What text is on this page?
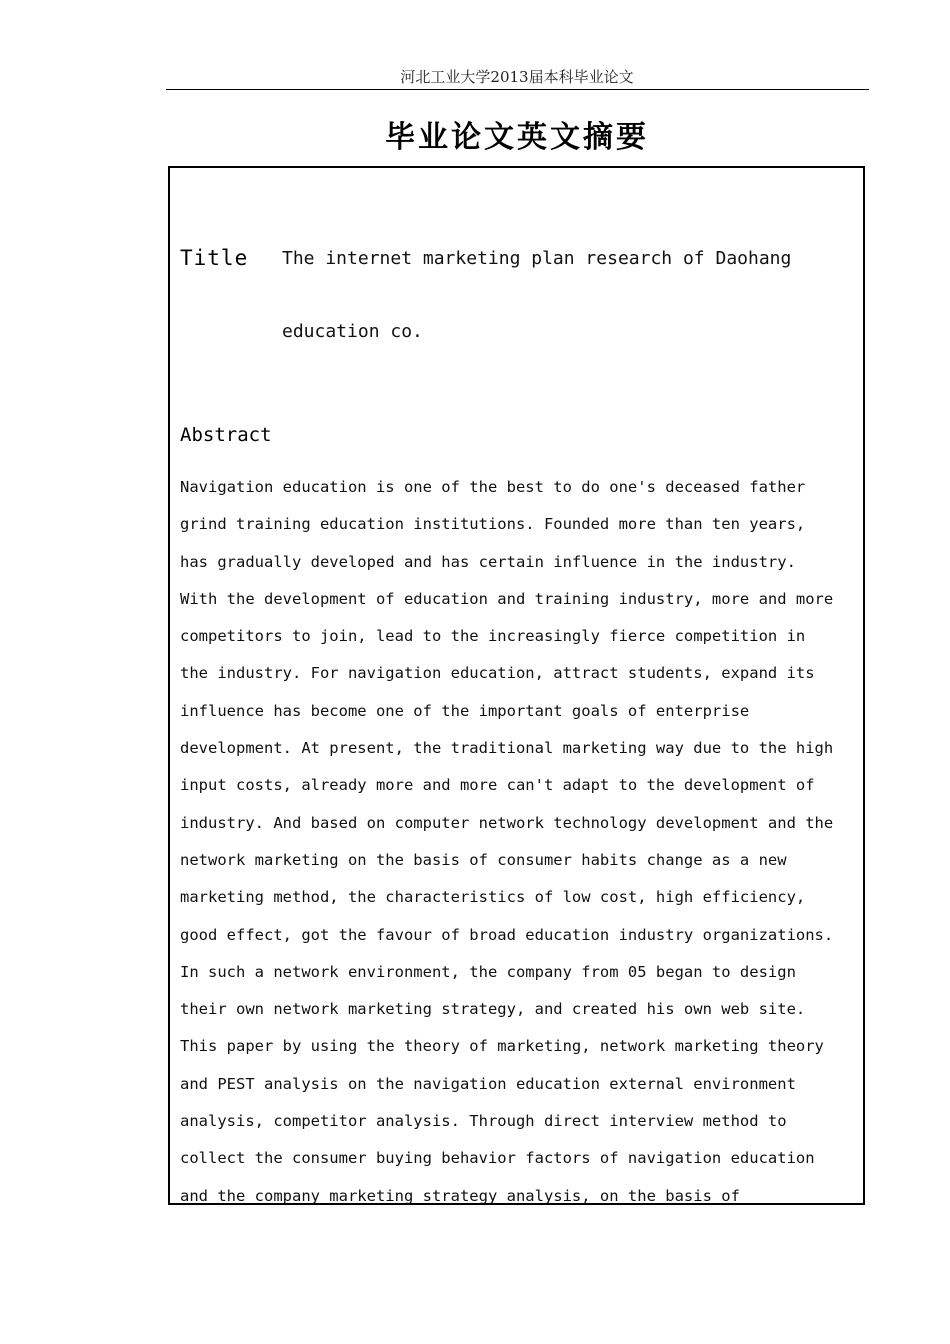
河北工业大学2013届本科毕业论文
毕业论文英文摘要
Title The internet marketing plan research of Daohang
education co.
Abstract
Navigation education is one of the best to do one's deceased father
grind training education institutions. Founded more than ten years,
has gradually developed and has certain influence in the industry.
With the development of education and training industry, more and more
competitors to join, lead to the increasingly fierce competition in
the industry. For navigation education, attract students, expand its
influence has become one of the important goals of enterprise
development. At present, the traditional marketing way due to the high
input costs, already more and more can't adapt to the development of
industry. And based on computer network technology development and the
network marketing on the basis of consumer habits change as a new
marketing method, the characteristics of low cost, high efficiency,
good effect, got the favour of broad education industry organizations.
In such a network environment, the company from 05 began to design
their own network marketing strategy, and created his own web site.
This paper by using the theory of marketing, network marketing theory
and PEST analysis on the navigation education external environment
analysis, competitor analysis. Through direct interview method to
collect the consumer buying behavior factors of navigation education
and the company marketing strategy analysis, on the basis of
